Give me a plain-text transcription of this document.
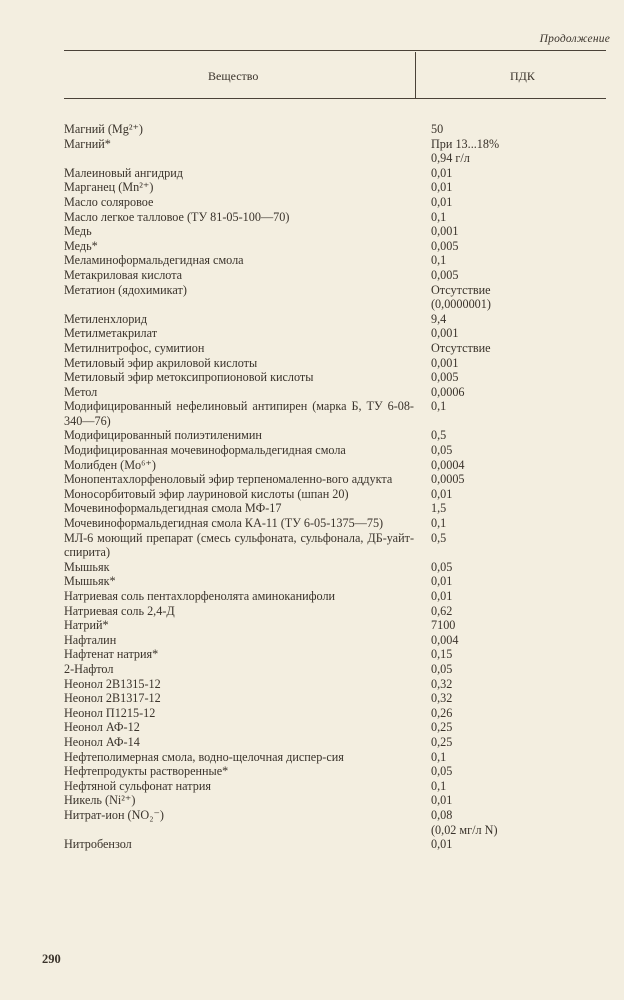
Продолжение
Вещество	ПДК
Магний (Mg²⁺)	50
Магний*	При 13...18%
0,94 г/л
Малеиновый ангидрид	0,01
Марганец (Mn²⁺)	0,01
Масло соляровое	0,01
Масло легкое талловое (ТУ 81-05-100—70)	0,1
Медь	0,001
Медь*	0,005
Меламиноформальдегидная смола	0,1
Метакриловая кислота	0,005
Метатион (ядохимикат)	Отсутствие
(0,0000001)
Метиленхлорид	9,4
Метилметакрилат	0,001
Метилнитрофос, сумитион	Отсутствие
Метиловый эфир акриловой кислоты	0,001
Метиловый эфир метоксипропионовой кислоты	0,005
Метол	0,0006
Модифицированный нефелиновый антипирен (марка Б, ТУ 6-08-340—76)
0,1
Модифицированный полиэтиленимин	0,5
Модифицированная мочевиноформальдегидная смола	0,05
Молибден (Mo⁶⁺)	0,0004
Монопентахлорфеноловый эфир терпеномаленно-вого аддукта	0,0005
Моносорбитовый эфир лауриновой кислоты (шпан 20)	0,01
Мочевиноформальдегидная смола МФ-17	1,5
Мочевиноформальдегидная смола КА-11 (ТУ 6-05-1375—75)	0,1
МЛ-6 моющий препарат (смесь сульфоната, сульфонала, ДБ-уайт-спирита)
0,5
Мышьяк	0,05
Мышьяк*	0,01
Натриевая соль пентахлорфенолята аминоканифоли	0,01
Натриевая соль 2,4-Д	0,62
Натрий*	7100
Нафталин	0,004
Нафтенат натрия*	0,15
2-Нафтол	0,05
Неонол 2В1315-12	0,32
Неонол 2В1317-12	0,32
Неонол П1215-12	0,26
Неонол АФ-12	0,25
Неонол АФ-14	0,25
Нефтеполимерная смола, водно-щелочная диспер-сия	0,1
Нефтепродукты растворенные*	0,05
Нефтяной сульфонат натрия	0,1
Никель (Ni²⁺)	0,01
Нитрат-ион (NO₂⁻)	0,08
(0,02 мг/л N)
Нитробензол	0,01
290
